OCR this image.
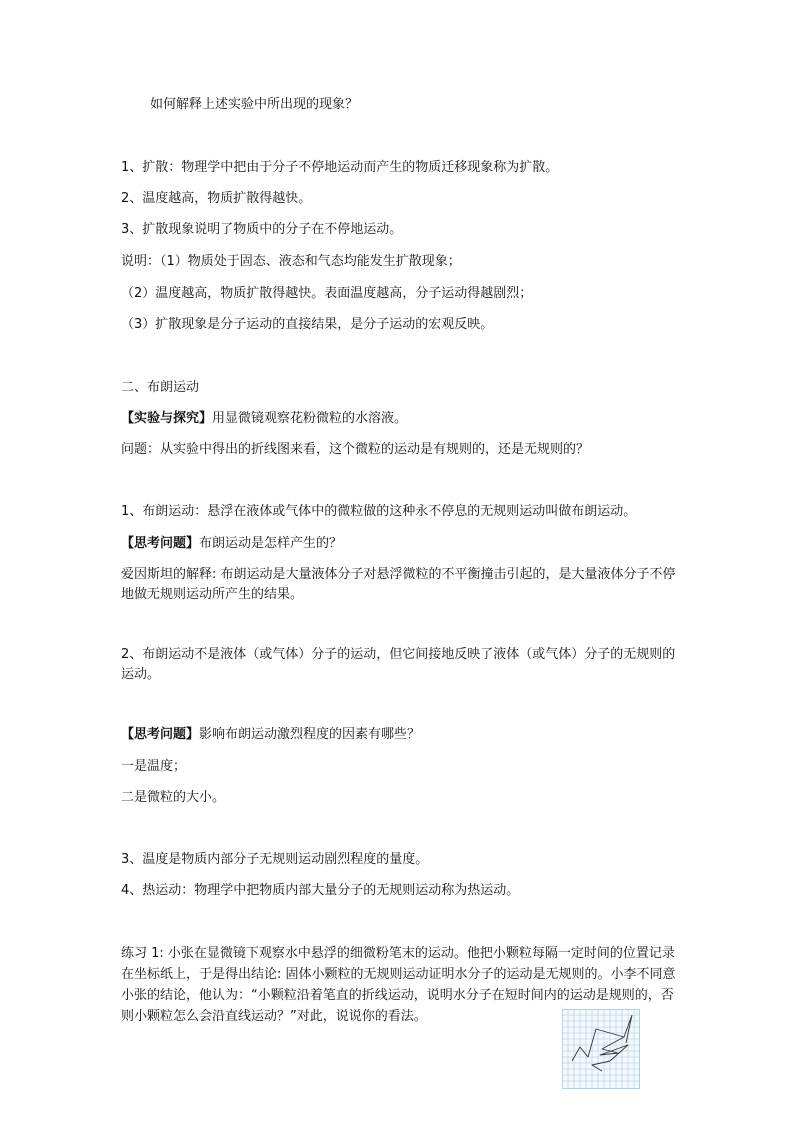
如何解释上述实验中所出现的现象？
1、扩散：物理学中把由于分子不停地运动而产生的物质迁移现象称为扩散。
2、温度越高，物质扩散得越快。
3、扩散现象说明了物质中的分子在不停地运动。
说明：（1）物质处于固态、液态和气态均能发生扩散现象；
（2）温度越高，物质扩散得越快。表面温度越高，分子运动得越剧烈；
（3）扩散现象是分子运动的直接结果，是分子运动的宏观反映。
二、布朗运动
【实验与探究】用显微镜观察花粉微粒的水溶液。
问题：从实验中得出的折线图来看，这个微粒的运动是有规则的，还是无规则的？
1、布朗运动：悬浮在液体或气体中的微粒做的这种永不停息的无规则运动叫做布朗运动。
【思考问题】布朗运动是怎样产生的？
爱因斯坦的解释: 布朗运动是大量液体分子对悬浮微粒的不平衡撞击引起的，是大量液体分子不停地做无规则运动所产生的结果。
2、布朗运动不是液体（或气体）分子的运动，但它间接地反映了液体（或气体）分子的无规则的运动。
【思考问题】影响布朗运动激烈程度的因素有哪些？
一是温度；
二是微粒的大小。
3、温度是物质内部分子无规则运动剧烈程度的量度。
4、热运动：物理学中把物质内部大量分子的无规则运动称为热运动。
练习 1: 小张在显微镜下观察水中悬浮的细微粉笔末的运动。他把小颗粒每隔一定时间的位置记录在坐标纸上，于是得出结论: 固体小颗粒的无规则运动证明水分子的运动是无规则的。小李不同意小张的结论，他认为：“小颗粒沿着笔直的折线运动，说明水分子在短时间内的运动是规则的，否则小颗粒怎么会沿直线运动？”对此，说说你的看法。
